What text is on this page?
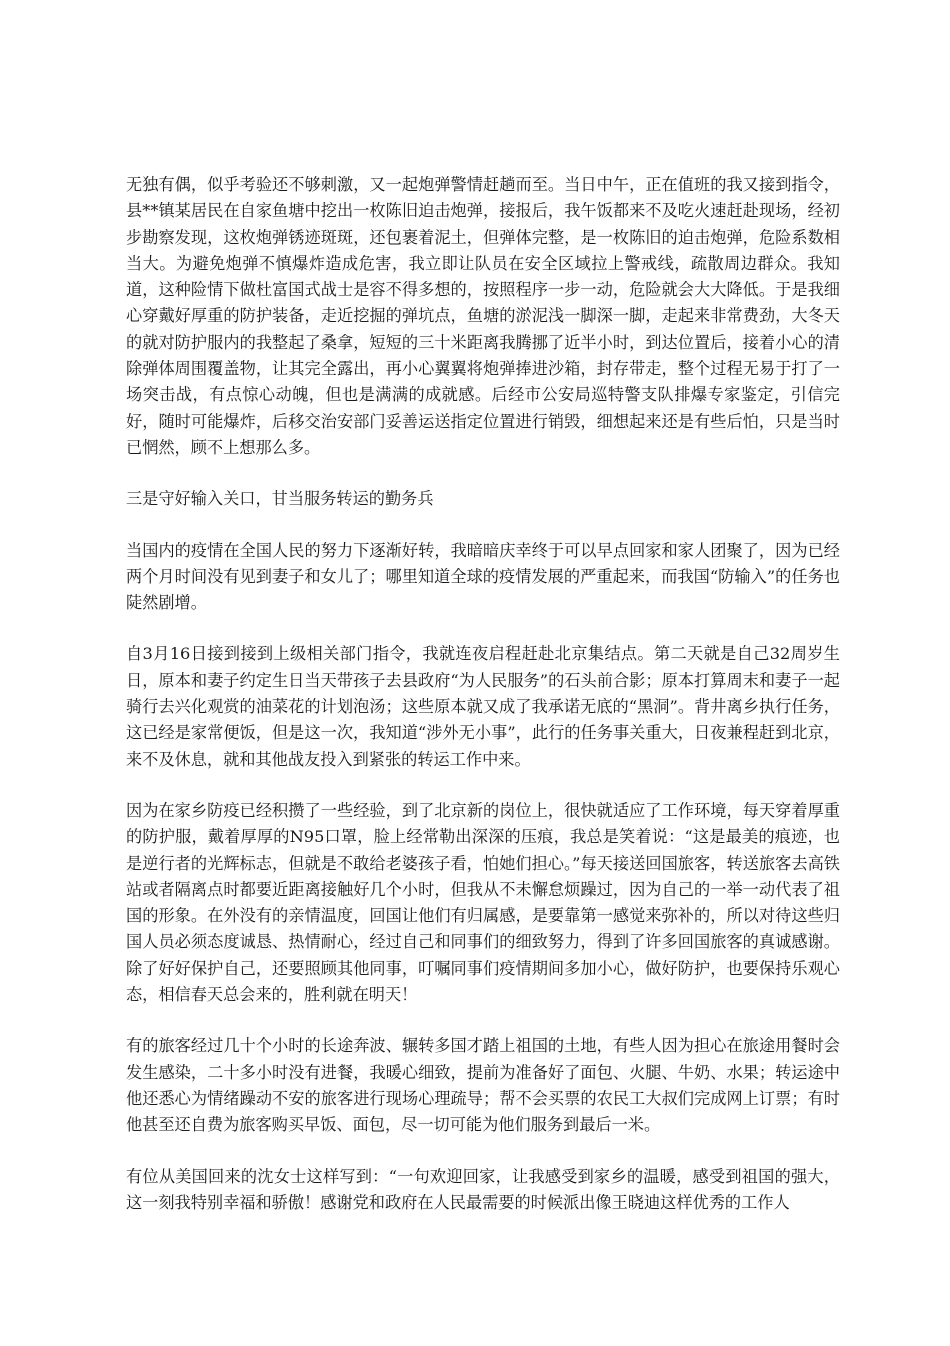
无独有偶，似乎考验还不够刺激，又一起炮弹警情赶趟而至。当日中午，正在值班的我又接到指令，县**镇某居民在自家鱼塘中挖出一枚陈旧迫击炮弹，接报后，我午饭都来不及吃火速赶赴现场，经初步勘察发现，这枚炮弹锈迹斑斑，还包裹着泥土，但弹体完整，是一枚陈旧的迫击炮弹，危险系数相当大。为避免炮弹不慎爆炸造成危害，我立即让队员在安全区域拉上警戒线，疏散周边群众。我知道，这种险情下做杜富国式战士是容不得多想的，按照程序一步一动，危险就会大大降低。于是我细心穿戴好厚重的防护装备，走近挖掘的弹坑点，鱼塘的淤泥浅一脚深一脚，走起来非常费劲，大冬天的就对防护服内的我整起了桑拿，短短的三十米距离我腾挪了近半小时，到达位置后，接着小心的清除弹体周围覆盖物，让其完全露出，再小心翼翼将炮弹捧进沙箱，封存带走，整个过程无易于打了一场突击战，有点惊心动魄，但也是满满的成就感。后经市公安局巡特警支队排爆专家鉴定，引信完好，随时可能爆炸，后移交治安部门妥善运送指定位置进行销毁，细想起来还是有些后怕，只是当时已惘然，顾不上想那么多。

三是守好输入关口，甘当服务转运的勤务兵

当国内的疫情在全国人民的努力下逐渐好转，我暗暗庆幸终于可以早点回家和家人团聚了，因为已经两个月时间没有见到妻子和女儿了；哪里知道全球的疫情发展的严重起来，而我国“防输入”的任务也陡然剧增。

自3月16日接到接到上级相关部门指令，我就连夜启程赶赴北京集结点。第二天就是自己32周岁生日，原本和妻子约定生日当天带孩子去县政府“为人民服务”的石头前合影；原本打算周末和妻子一起骑行去兴化观赏的油菜花的计划泡汤；这些原本就又成了我承诺无底的“黑洞”。背井离乡执行任务，这已经是家常便饭，但是这一次，我知道“涉外无小事”，此行的任务事关重大，日夜兼程赶到北京，来不及休息，就和其他战友投入到紧张的转运工作中来。

因为在家乡防疫已经积攒了一些经验，到了北京新的岗位上，很快就适应了工作环境，每天穿着厚重的防护服，戴着厚厚的N95口罩，脸上经常勒出深深的压痕，我总是笑着说：“这是最美的痕迹，也是逆行者的光辉标志，但就是不敢给老婆孩子看，怕她们担心。”每天接送回国旅客，转送旅客去高铁站或者隔离点时都要近距离接触好几个小时，但我从不未懈怠烦躁过，因为自己的一举一动代表了祖国的形象。在外没有的亲情温度，回国让他们有归属感，是要靠第一感觉来弥补的，所以对待这些归国人员必须态度诚恳、热情耐心，经过自己和同事们的细致努力，得到了许多回国旅客的真诚感谢。除了好好保护自己，还要照顾其他同事，叮嘱同事们疫情期间多加小心，做好防护，也要保持乐观心态，相信春天总会来的，胜利就在明天！

有的旅客经过几十个小时的长途奔波、辗转多国才踏上祖国的土地，有些人因为担心在旅途用餐时会发生感染，二十多小时没有进餐，我暖心细致，提前为准备好了面包、火腿、牛奶、水果；转运途中他还悉心为情绪躁动不安的旅客进行现场心理疏导；帮不会买票的农民工大叔们完成网上订票；有时他甚至还自费为旅客购买早饭、面包，尽一切可能为他们服务到最后一米。

有位从美国回来的沈女士这样写到：“一句欢迎回家，让我感受到家乡的温暖，感受到祖国的强大，这一刻我特别幸福和骄傲！感谢党和政府在人民最需要的时候派出像王晓迪这样优秀的工作人
